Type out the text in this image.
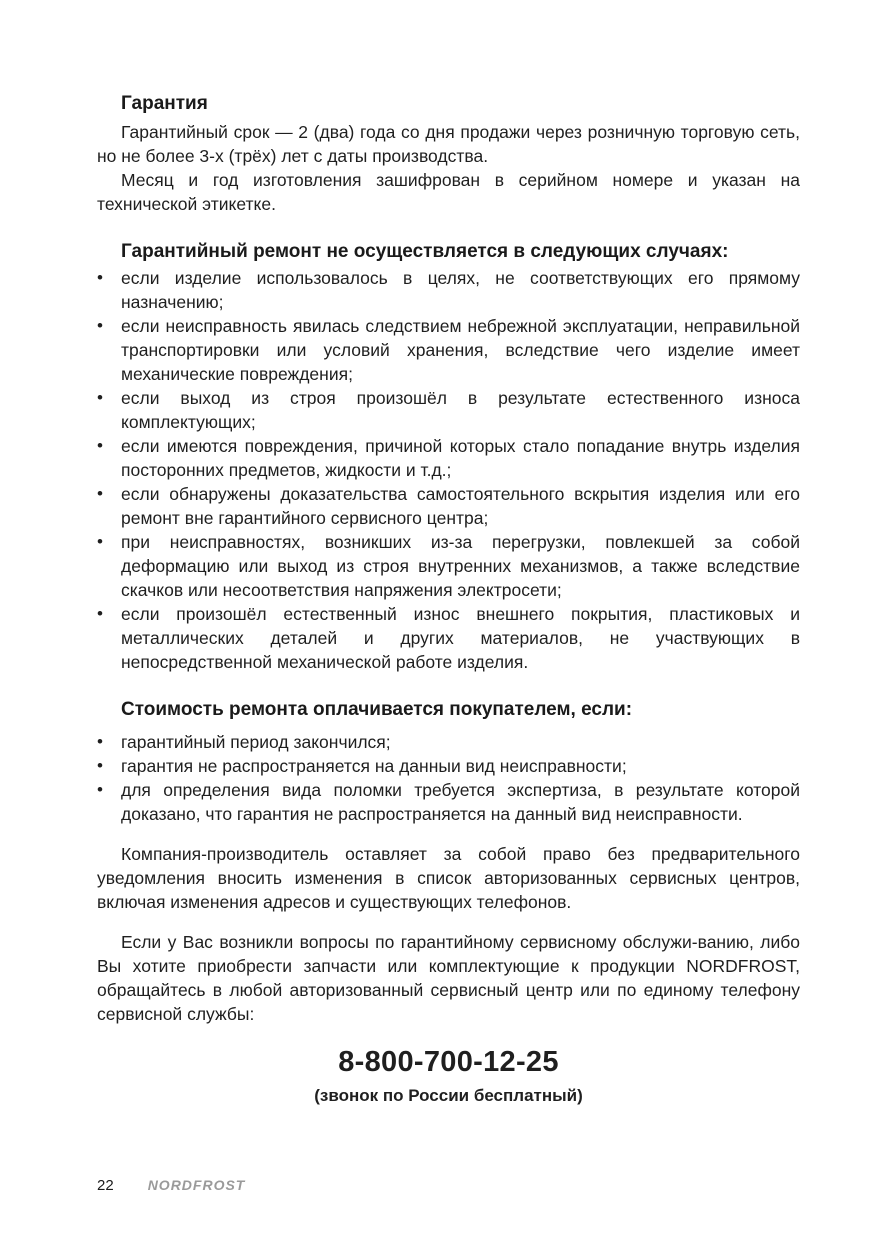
Гарантия

Гарантийный срок — 2 (два) года со дня продажи через розничную торговую сеть, но не более 3-х (трёх) лет с даты производства.

Месяц и год изготовления зашифрован в серийном номере и указан на технической этикетке.

Гарантийный ремонт не осуществляется в следующих случаях:
• если изделие использовалось в целях, не соответствующих его прямому назначению;
• если неисправность явилась следствием небрежной эксплуатации, неправильной транспортировки или условий хранения, вследствие чего изделие имеет механические повреждения;
• если выход из строя произошёл в результате естественного износа комплектующих;
• если имеются повреждения, причиной которых стало попадание внутрь изделия посторонних предметов, жидкости и т.д.;
• если обнаружены доказательства самостоятельного вскрытия изделия или его ремонт вне гарантийного сервисного центра;
• при неисправностях, возникших из-за перегрузки, повлекшей за собой деформацию или выход из строя внутренних механизмов, а также вследствие скачков или несоответствия напряжения электросети;
• если произошёл естественный износ внешнего покрытия, пластиковых и металлических деталей и других материалов, не участвующих в непосредственной механической работе изделия.
Стоимость ремонта оплачивается покупателем, если:
• гарантийный период закончился;
• гарантия не распространяется на данныи вид неисправности;
• для определения вида поломки требуется экспертиза, в результате которой доказано, что гарантия не распространяется на данный вид неисправности.

Компания-производитель оставляет за собой право без предварительного уведомления вносить изменения в список авторизованных сервисных центров, включая изменения адресов и существующих телефонов.

Если у Вас возникли вопросы по гарантийному сервисному обслужи-ванию, либо Вы хотите приобрести запчасти или комплектующие к продукции NORDFROST, обращайтесь в любой авторизованный сервисный центр или по единому телефону сервисной службы:

8-800-700-12-25
(звонок по России бесплатный)
22 NORDFROST
